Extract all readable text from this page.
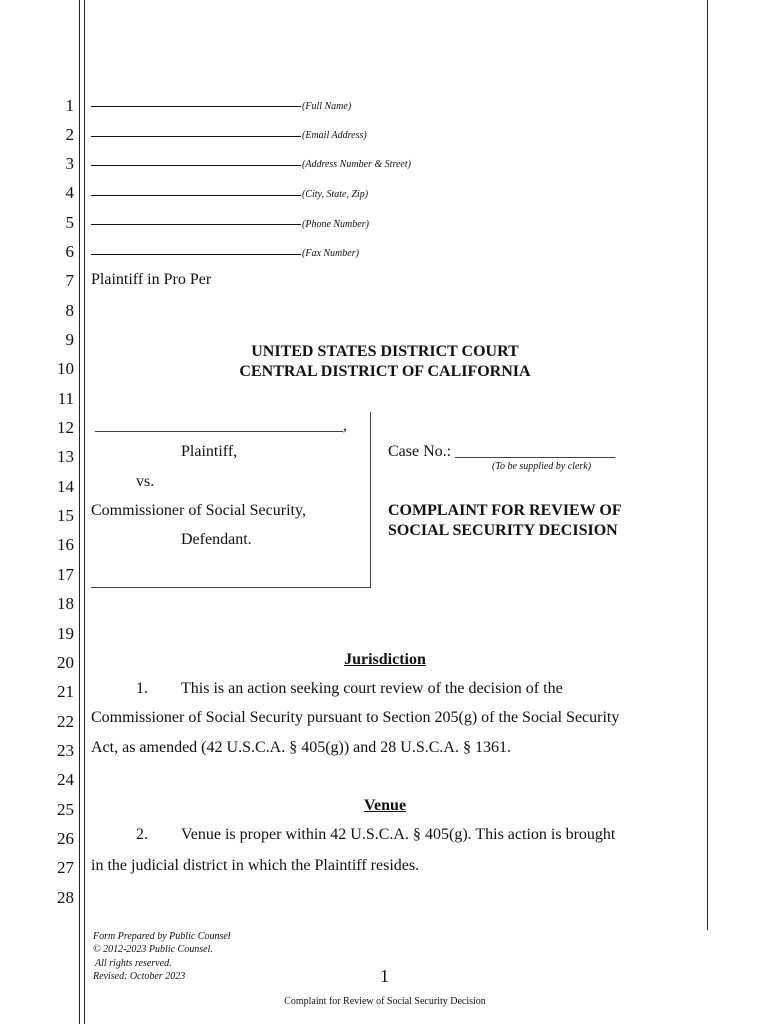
1
2
3
4
5
6
7
8
9
10
11
12
13
14
15
16
17
18
19
20
21
22
23
24
25
26
27
28
(Full Name)
(Email Address)
(Address Number & Street)
(City, State, Zip)
(Phone Number)
(Fax Number)
Plaintiff in Pro Per
UNITED STATES DISTRICT COURT
CENTRAL DISTRICT OF CALIFORNIA
_______________________________,
Plaintiff,
vs.
Commissioner of Social Security,
Defendant.
Case No.: ____________________
(To be supplied by clerk)
COMPLAINT FOR REVIEW OF
SOCIAL SECURITY DECISION
Jurisdiction
1. This is an action seeking court review of the decision of the
Commissioner of Social Security pursuant to Section 205(g) of the Social Security
Act, as amended (42 U.S.C.A. § 405(g)) and 28 U.S.C.A. § 1361.
Venue
2. Venue is proper within 42 U.S.C.A. § 405(g). This action is brought
in the judicial district in which the Plaintiff resides.
Form Prepared by Public Counsel
© 2012-2023 Public Counsel.
All rights reserved.
Revised: October 2023	1
Complaint for Review of Social Security Decision
